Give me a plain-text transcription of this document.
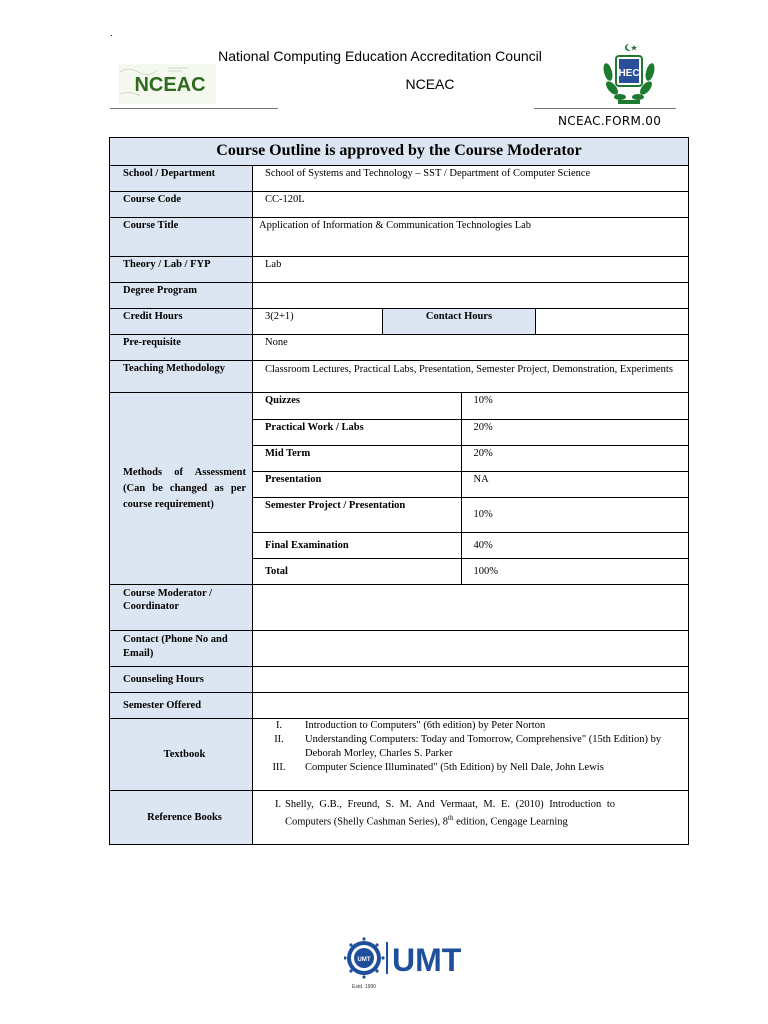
.
NCEAC
National Computing Education Accreditation Council
NCEAC
HEC
NCEAC.FORM.00
Course Outline is approved by the Course Moderator
School / Department	School of Systems and Technology – SST / Department of Computer Science
Course Code	CC-120L
Course Title	Application of Information & Communication Technologies Lab
Theory / Lab / FYP	Lab
Degree Program	
Credit Hours	3(2+1)	Contact Hours	
Pre-requisite	None
Teaching Methodology	Classroom Lectures, Practical Labs, Presentation, Semester Project, Demonstration, Experiments
Methods of Assessment (Can be changed as per course requirement)	
Quizzes	10%
Practical Work / Labs	20%
Mid Term	20%
Presentation	NA
Semester Project / Presentation	10%
Final Examination	40%
Total	100%

Course Moderator / Coordinator	
Contact (Phone No and Email)	
Counseling Hours	
Semester Offered	
Textbook	
I.	Introduction to Computers" (6th edition) by Peter Norton
II.	Understanding Computers: Today and Tomorrow, Comprehensive" (15th Edition) by Deborah Morley, Charles S. Parker
III.	Computer Science Illuminated" (5th Edition) by Nell Dale, John Lewis

Reference Books	
I. Shelly, G.B., Freund, S. M. And Vermaat, M. E. (2010) Introduction to Computers (Shelly Cashman Series), 8th edition, Cengage Learning
UMT UMT
Estd. 1990
